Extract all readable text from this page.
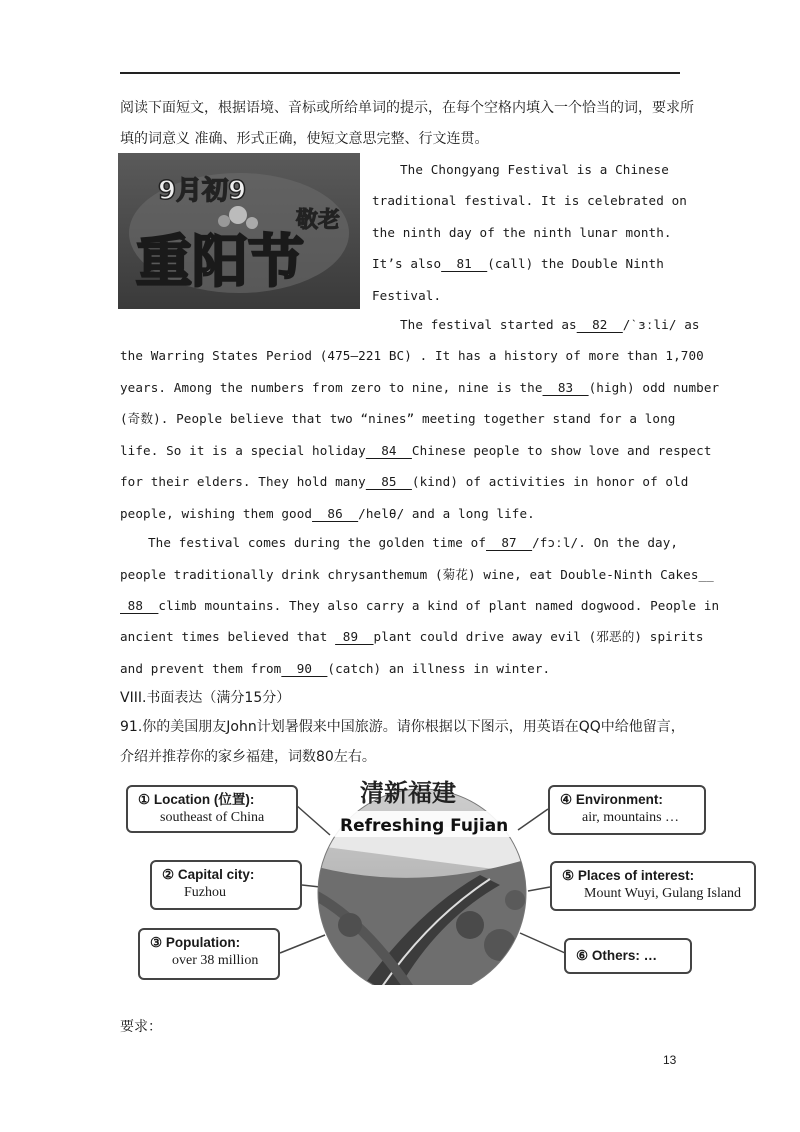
阅读下面短文，根据语境、音标或所给单词的提示，在每个空格内填入一个恰当的词，要求所
填的词意义 准确、形式正确，使短文意思完整、行文连贯。
9月初9
重阳节
敬老
The Chongyang Festival is a Chinese
traditional festival. It is celebrated on
the ninth day of the ninth lunar month.
It’s also  81  (call) the Double Ninth
Festival.
The festival started as  82  /ˋɜːli/ as
the Warring States Period (475—221 BC) . It has a history of more than 1,700
years. Among the numbers from zero to nine, nine is the  83  (high) odd number
(奇数). People believe that two “nines” meeting together stand for a long
life. So it is a special holiday  84  Chinese people to show love and respect
for their elders. They hold many  85  (kind) of activities in honor of old
people, wishing them good  86  /helθ/ and a long life.
The festival comes during the golden time of  87  /fɔːl/. On the day,
people traditionally drink chrysanthemum (菊花) wine, eat Double-Ninth Cakes__
88  climb mountains. They also carry a kind of plant named dogwood. People in
ancient times believed that  89  plant could drive away evil (邪恶的) spirits
and prevent them from  90  (catch) an illness in winter.
VIII.书面表达（满分15分）
91.你的美国朋友John计划暑假来中国旅游。请你根据以下图示，用英语在QQ中给他留言，
介绍并推荐你的家乡福建，词数80左右。
清新福建
Refreshing Fujian
① Location (位置):
southeast of China
② Capital city:
Fuzhou
③ Population:
over 38 million
④ Environment:
air, mountains …
⑤ Places of interest:
Mount Wuyi, Gulang Island
⑥ Others: …
要求：
13
